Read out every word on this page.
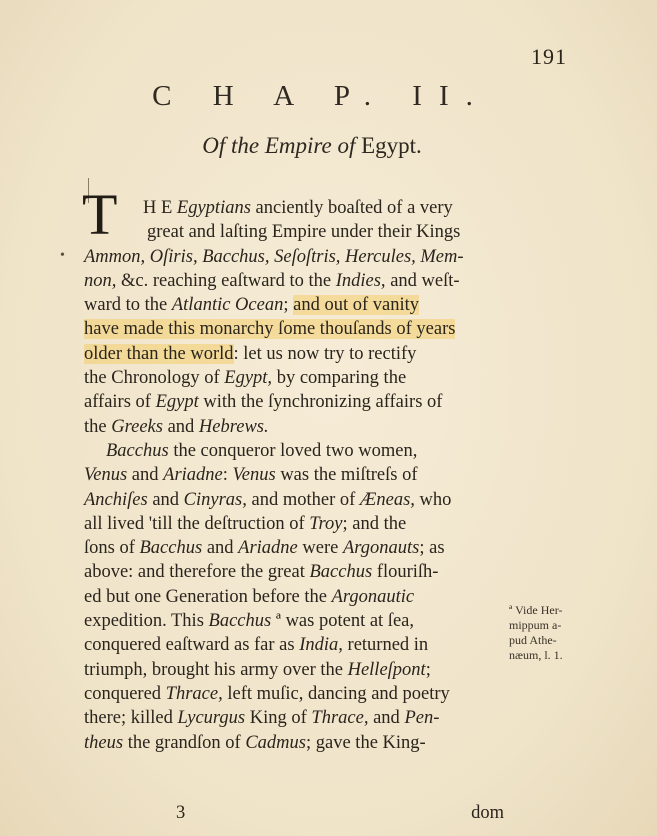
191
C H A P. II.
Of the Empire of Egypt.
T
•
H E Egyptians anciently boaſted of a very
great and laſting Empire under their Kings
Ammon, Oſiris, Bacchus, Seſoſtris, Hercules, Mem-
non, &c. reaching eaſtward to the Indies, and weſt-
ward to the Atlantic Ocean; and out of vanity
have made this monarchy ſome thouſands of years
older than the world: let us now try to rectify
the Chronology of Egypt, by comparing the
affairs of Egypt with the ſynchronizing affairs of
the Greeks and Hebrews.
Bacchus the conqueror loved two women,
Venus and Ariadne: Venus was the miſtreſs of
Anchiſes and Cinyras, and mother of Æneas, who
all lived 'till the deſtruction of Troy; and the
ſons of Bacchus and Ariadne were Argonauts; as
above: and therefore the great Bacchus flouriſh-
ed but one Generation before the Argonautic
expedition. This Bacchus ª was potent at ſea,
conquered eaſtward as far as India, returned in
triumph, brought his army over the Helleſpont;
conquered Thrace, left muſic, dancing and poetry
there; killed Lycurgus King of Thrace, and Pen-
theus the grandſon of Cadmus; gave the King-
ª Vide Her-
mippum a-
pud Athe-
næum, l. 1.
3	dom
